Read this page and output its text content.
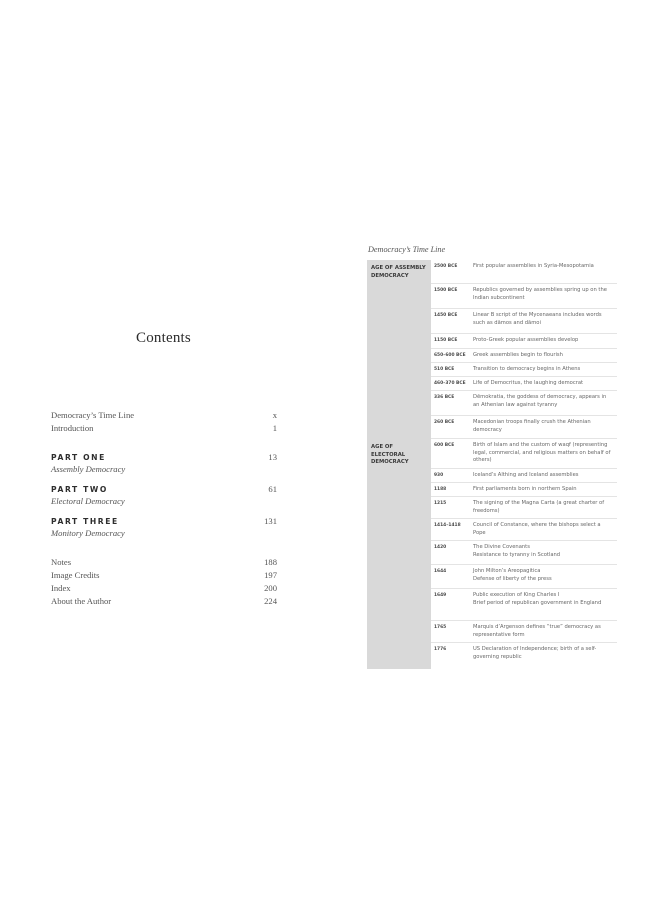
Contents
Democracy’s Time Line	x
Introduction	1
PART ONE	13
Assembly Democracy
PART TWO	61
Electoral Democracy
PART THREE	131
Monitory Democracy
Notes	188
Image Credits	197
Index	200
About the Author	224
Democracy’s Time Line
AGE OF ASSEMBLY DEMOCRACY
2500 BCE	First popular assemblies in Syria-Mesopotamia
1500 BCE	Republics governed by assemblies spring up on the Indian subcontinent
1450 BCE	Linear B script of the Mycenaeans includes words such as dāmos and dāmoi
1150 BCE	Proto-Greek popular assemblies develop
650–600 BCE	Greek assemblies begin to flourish
510 BCE	Transition to democracy begins in Athens
460–370 BCE	Life of Democritus, the laughing democrat
336 BCE	Dēmokratia, the goddess of democracy, appears in an Athenian law against tyranny
260 BCE	Macedonian troops finally crush the Athenian democracy
AGE OF ELECTORAL DEMOCRACY
600 BCE	Birth of Islam and the custom of waqf (representing legal, commercial, and religious matters on behalf of others)
930	Iceland’s Althing and Iceland assemblies
1188	First parliaments born in northern Spain
1215	The signing of the Magna Carta (a great charter of freedoms)
1414–1418	Council of Constance, where the bishops select a Pope
1420	The Divine Covenants
Resistance to tyranny in Scotland
1644	John Milton’s Areopagitica
Defense of liberty of the press
1649	Public execution of King Charles I
Brief period of republican government in England
1765	Marquis d’Argenson defines “true” democracy as representative form
1776	US Declaration of Independence; birth of a self-governing republic
